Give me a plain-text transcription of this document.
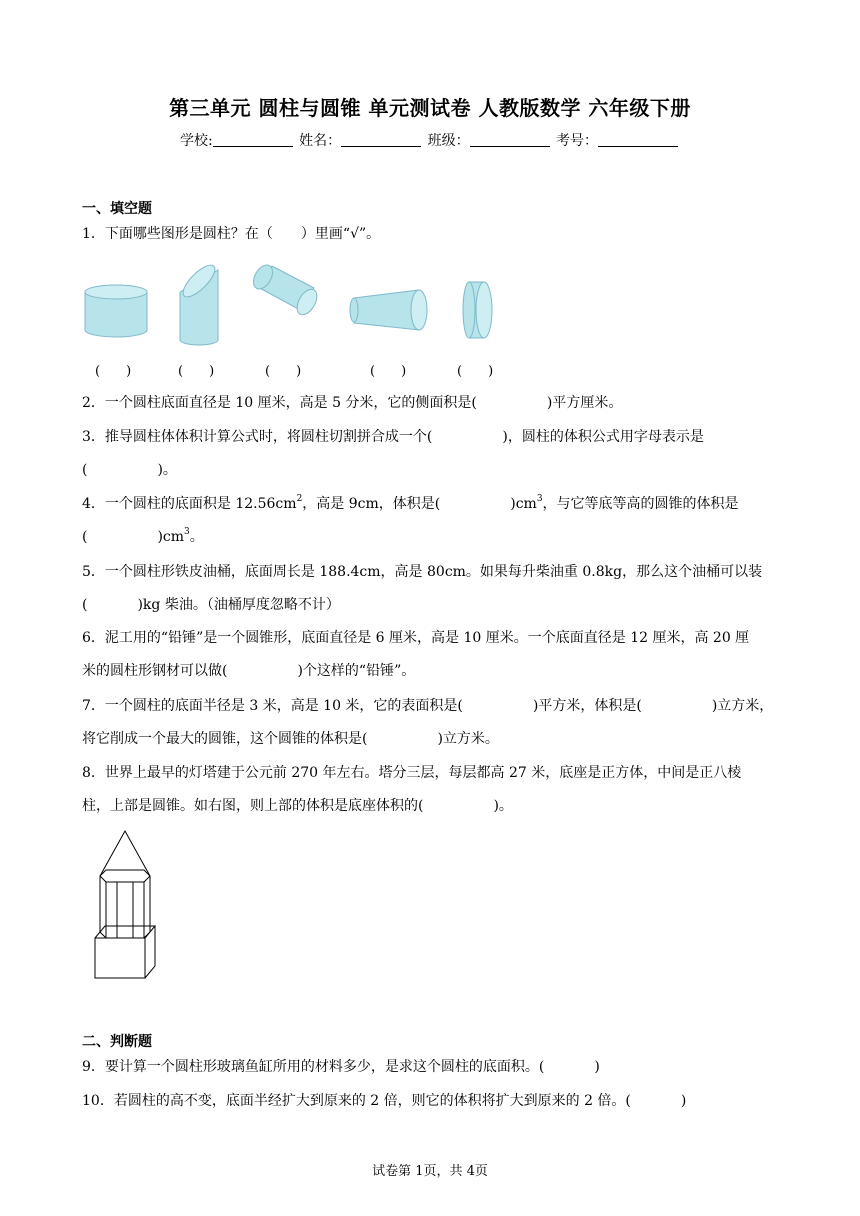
第三单元 圆柱与圆锥 单元测试卷 人教版数学 六年级下册
学校:	姓名：	班级：	考号：
一、填空题
1．下面哪些图形是圆柱？在（　　）里画“√”。
(　　)	(　　)	(　　)	(　　)	(　　)
2．一个圆柱底面直径是 10 厘米，高是 5 分米，它的侧面积是(	)平方厘米。
3．推导圆柱体体积计算公式时，将圆柱切割拼合成一个(	)，圆柱的体积公式用字母表示是
(	)。
4．一个圆柱的底面积是 $12.56cm^2$，高是 9cm，体积是(	)$cm^3$，与它等底等高的圆锥的体积是
(	)$cm^3$。
5．一个圆柱形铁皮油桶，底面周长是 188.4cm，高是 80cm。如果每升柴油重 0.8kg，那么这个油桶可以装
(	)kg 柴油。（油桶厚度忽略不计）
6．泥工用的“铅锤”是一个圆锥形，底面直径是 6 厘米，高是 10 厘米。一个底面直径是 12 厘米，高 20 厘
米的圆柱形钢材可以做(	)个这样的“铅锤”。
7．一个圆柱的底面半径是 3 米，高是 10 米，它的表面积是(	)平方米，体积是(	)立方米，
将它削成一个最大的圆锥，这个圆锥的体积是(	)立方米。
8．世界上最早的灯塔建于公元前 270 年左右。塔分三层，每层都高 27 米，底座是正方体，中间是正八棱
柱，上部是圆锥。如右图，则上部的体积是底座体积的(	)。
二、判断题
9．要计算一个圆柱形玻璃鱼缸所用的材料多少，是求这个圆柱的底面积。(	)
10．若圆柱的高不变，底面半经扩大到原来的 2 倍，则它的体积将扩大到原来的 2 倍。(	)
试卷第 1页，共 4页
